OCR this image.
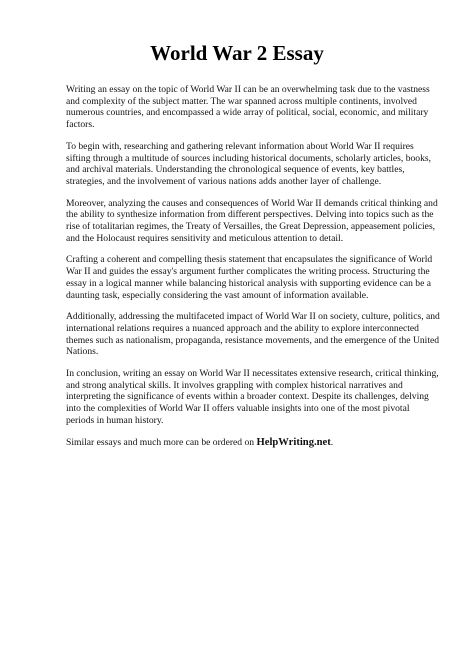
World War 2 Essay

Writing an essay on the topic of World War II can be an overwhelming task due to the vastness and complexity of the subject matter. The war spanned across multiple continents, involved numerous countries, and encompassed a wide array of political, social, economic, and military factors.

To begin with, researching and gathering relevant information about World War II requires sifting through a multitude of sources including historical documents, scholarly articles, books, and archival materials. Understanding the chronological sequence of events, key battles, strategies, and the involvement of various nations adds another layer of challenge.

Moreover, analyzing the causes and consequences of World War II demands critical thinking and the ability to synthesize information from different perspectives. Delving into topics such as the rise of totalitarian regimes, the Treaty of Versailles, the Great Depression, appeasement policies, and the Holocaust requires sensitivity and meticulous attention to detail.

Crafting a coherent and compelling thesis statement that encapsulates the significance of World War II and guides the essay's argument further complicates the writing process. Structuring the essay in a logical manner while balancing historical analysis with supporting evidence can be a daunting task, especially considering the vast amount of information available.

Additionally, addressing the multifaceted impact of World War II on society, culture, politics, and international relations requires a nuanced approach and the ability to explore interconnected themes such as nationalism, propaganda, resistance movements, and the emergence of the United Nations.

In conclusion, writing an essay on World War II necessitates extensive research, critical thinking, and strong analytical skills. It involves grappling with complex historical narratives and interpreting the significance of events within a broader context. Despite its challenges, delving into the complexities of World War II offers valuable insights into one of the most pivotal periods in human history.

Similar essays and much more can be ordered on HelpWriting.net.
